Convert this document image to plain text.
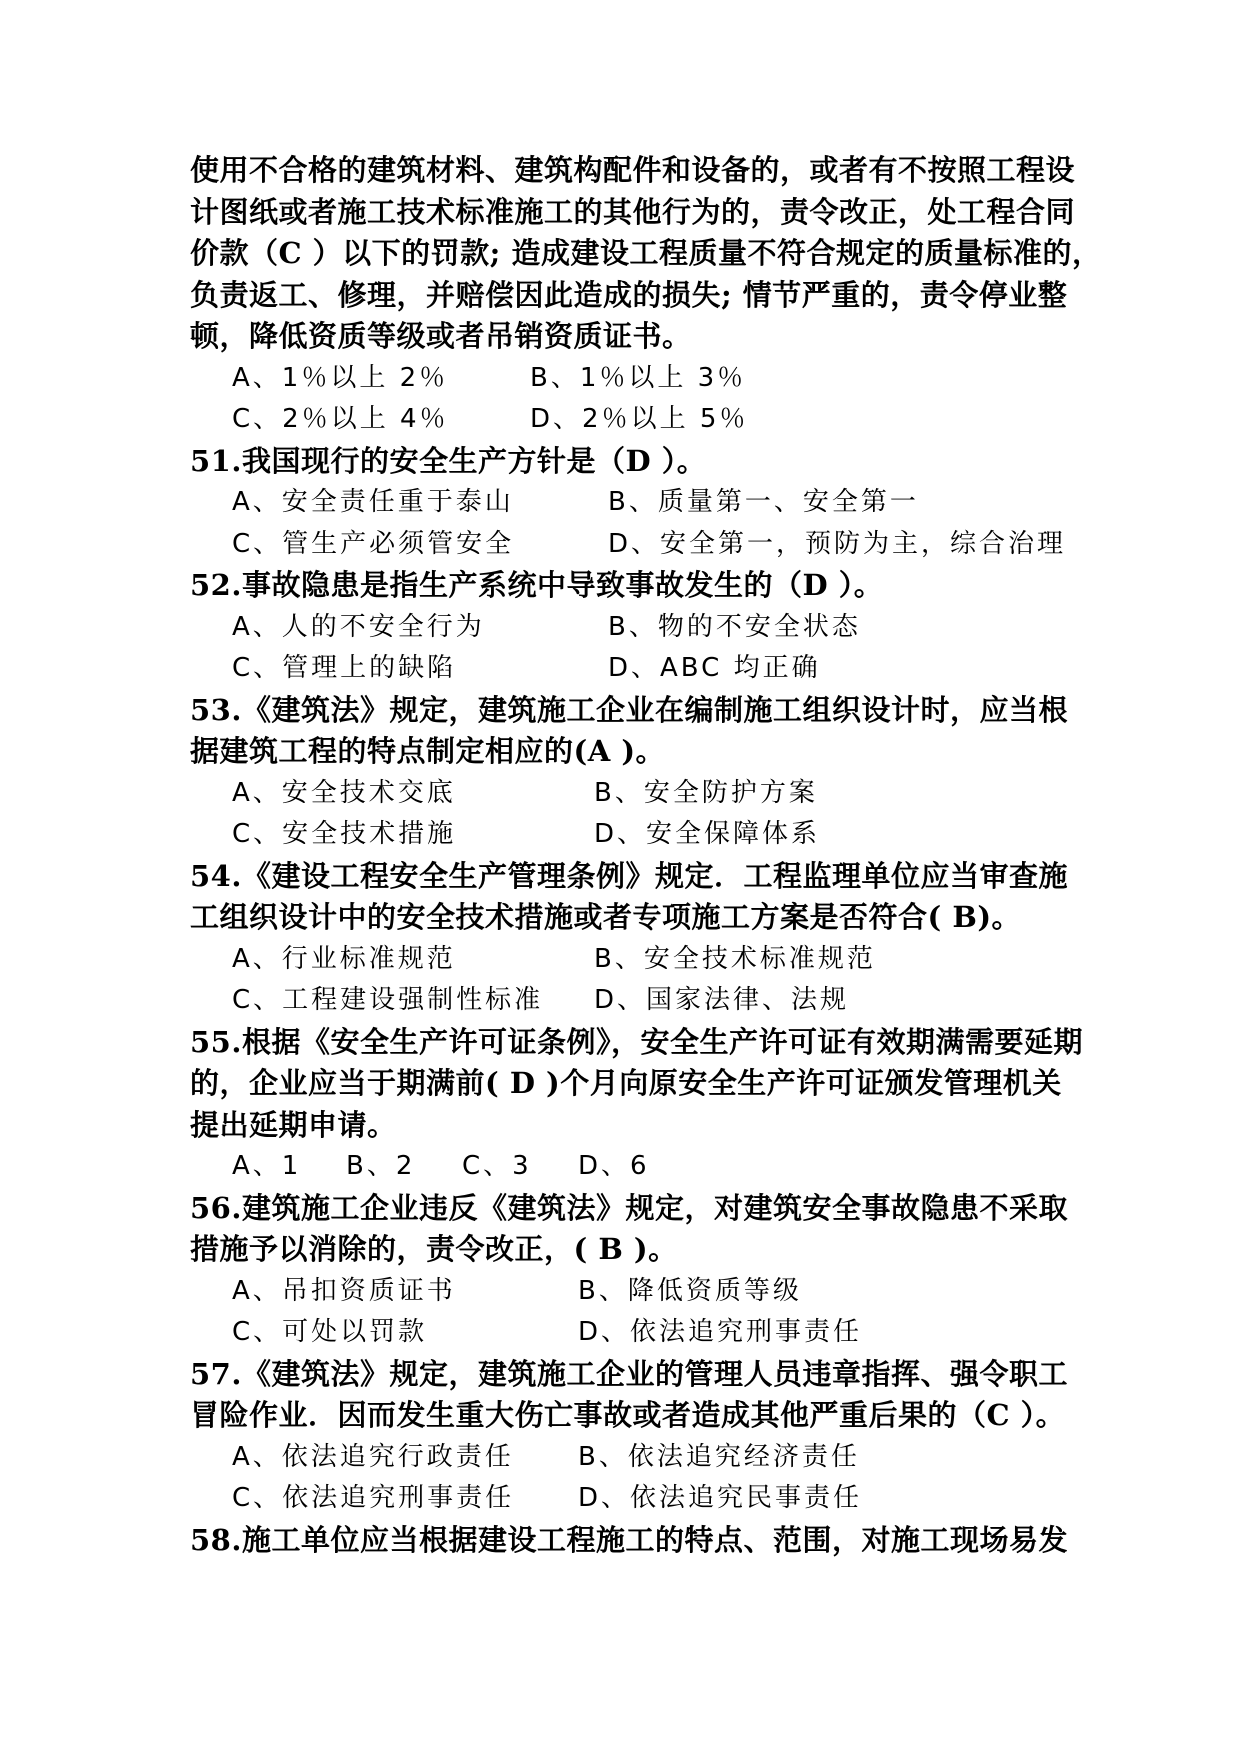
使用不合格的建筑材料、建筑构配件和设备的，或者有不按照工程设
计图纸或者施工技术标准施工的其他行为的，责令改正，处工程合同
价款（C ）以下的罚款; 造成建设工程质量不符合规定的质量标准的，
负责返工、修理，并赔偿因此造成的损失; 情节严重的，责令停业整
顿，降低资质等级或者吊销资质证书。
A、1％以上 2％	B、1％以上 3％
C、2％以上 4％	D、2％以上 5％
51.我国现行的安全生产方针是（D ）。
A、安全责任重于泰山	B、质量第一、安全第一
C、管生产必须管安全	D、安全第一，预防为主，综合治理
52.事故隐患是指生产系统中导致事故发生的（D ）。
A、人的不安全行为	B、物的不安全状态
C、管理上的缺陷	D、ABC 均正确
53.《建筑法》规定，建筑施工企业在编制施工组织设计时，应当根
据建筑工程的特点制定相应的(A )。
A、安全技术交底	B、安全防护方案
C、安全技术措施	D、安全保障体系
54.《建设工程安全生产管理条例》规定．工程监理单位应当审查施
工组织设计中的安全技术措施或者专项施工方案是否符合( B)。
A、行业标准规范	B、安全技术标准规范
C、工程建设强制性标准 D、国家法律、法规
55.根据《安全生产许可证条例》，安全生产许可证有效期满需要延期
的，企业应当于期满前( D )个月向原安全生产许可证颁发管理机关
提出延期申请。
A、1 B、2 C、3 D、6
56.建筑施工企业违反《建筑法》规定，对建筑安全事故隐患不采取
措施予以消除的，责令改正，( B )。
A、吊扣资质证书	B、降低资质等级
C、可处以罚款	D、依法追究刑事责任
57.《建筑法》规定，建筑施工企业的管理人员违章指挥、强令职工
冒险作业．因而发生重大伤亡事故或者造成其他严重后果的（C ）。
A、依法追究行政责任 B、依法追究经济责任
C、依法追究刑事责任 D、依法追究民事责任
58.施工单位应当根据建设工程施工的特点、范围，对施工现场易发
